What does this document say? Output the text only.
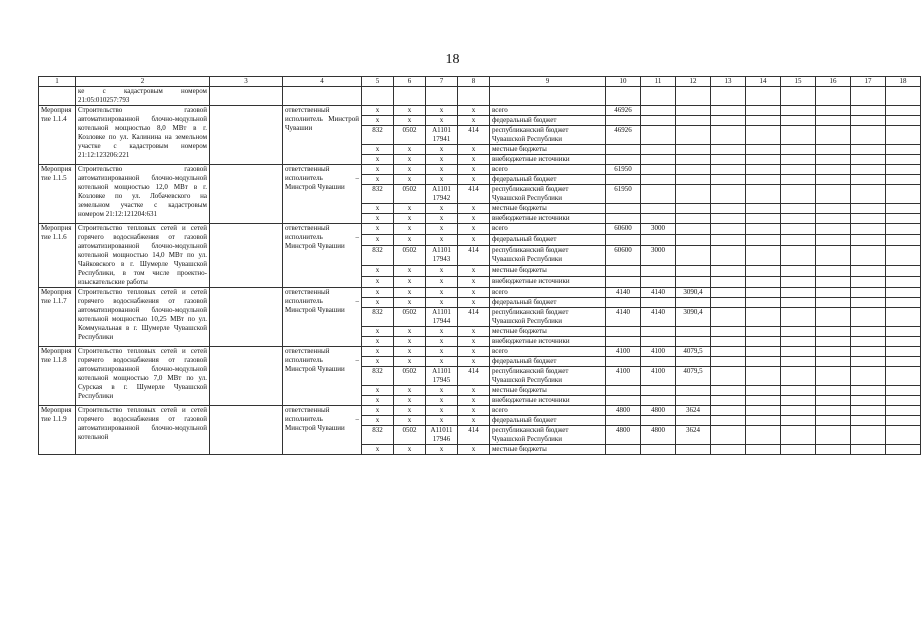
18
1	2	3	4	5	6	7	8	9	10	11	12	13	14	15	16	17	18
	ке с кадастровым номером 21:05:010257:793																
Мероприятие 1.1.4	Строительство газовой автоматизированной блочно-модульной котельной мощностью 8,0 МВт в г. Козловке по ул. Калинина на земельном участке с кадастровым номером 21:12:123206:221		ответственный исполнитель Минстрой Чувашии	x	x	x	x	всего	46926								
				x	x	x	x	федеральный бюджет									
				832	0502	А1101 17941	414	республиканский бюджет Чувашской Республики	46926								
				x	x	x	x	местные бюджеты									
				x	x	x	x	внебюджетные источники									
Мероприятие 1.1.5	Строительство газовой автоматизированной блочно-модульной котельной мощностью 12,0 МВт в г. Козловке по ул. Лобачевского на земельном участке с кадастровым номером 21:12:121204:631		ответственный исполнитель – Минстрой Чувашии	x	x	x	x	всего	61950								
				x	x	x	x	федеральный бюджет									
				832	0502	А1101 17942	414	республиканский бюджет Чувашской Республики	61950								
				x	x	x	x	местные бюджеты									
				x	x	x	x	внебюджетные источники									
Мероприятие 1.1.6	Строительство тепловых сетей и сетей горячего водоснабжения от газовой автоматизированной блочно-модульной котельной мощностью 14,0 МВт по ул. Чайковского в г. Шумерле Чувашской Республики, в том числе проектно-изыскательские работы		ответственный исполнитель – Минстрой Чувашии	x	x	x	x	всего	60600	3000							
				x	x	x	x	федеральный бюджет									
				832	0502	А1101 17943	414	республиканский бюджет Чувашской Республики	60600	3000							
				x	x	x	x	местные бюджеты									
				x	x	x	x	внебюджетные источники									
Мероприятие 1.1.7	Строительство тепловых сетей и сетей горячего водоснабжения от газовой автоматизированной блочно-модульной котельной мощностью 10,25 МВт по ул. Коммунальная в г. Шумерле Чувашской Республики		ответственный исполнитель – Минстрой Чувашии	x	x	x	x	всего	4140	4140	3090,4						
				x	x	x	x	федеральный бюджет									
				832	0502	А1101 17944	414	республиканский бюджет Чувашской Республики	4140	4140	3090,4						
				x	x	x	x	местные бюджеты									
				x	x	x	x	внебюджетные источники									
Мероприятие 1.1.8	Строительство тепловых сетей и сетей горячего водоснабжения от газовой автоматизированной блочно-модульной котельной мощностью 7,0 МВт по ул. Сурская в г. Шумерле Чувашской Республики		ответственный исполнитель – Минстрой Чувашии	x	x	x	x	всего	4100	4100	4079,5						
				x	x	x	x	федеральный бюджет									
				832	0502	А1101 17945	414	республиканский бюджет Чувашской Республики	4100	4100	4079,5						
				x	x	x	x	местные бюджеты									
				x	x	x	x	внебюджетные источники									
Мероприятие 1.1.9	Строительство тепловых сетей и сетей горячего водоснабжения от газовой автоматизированной блочно-модульной котельной		ответственный исполнитель – Минстрой Чувашии	x	x	x	x	всего	4800	4800	3624						
				x	x	x	x	федеральный бюджет									
				832	0502	А11011 17946	414	республиканский бюджет Чувашской Республики	4800	4800	3624						
				x	x	x	x	местные бюджеты									
